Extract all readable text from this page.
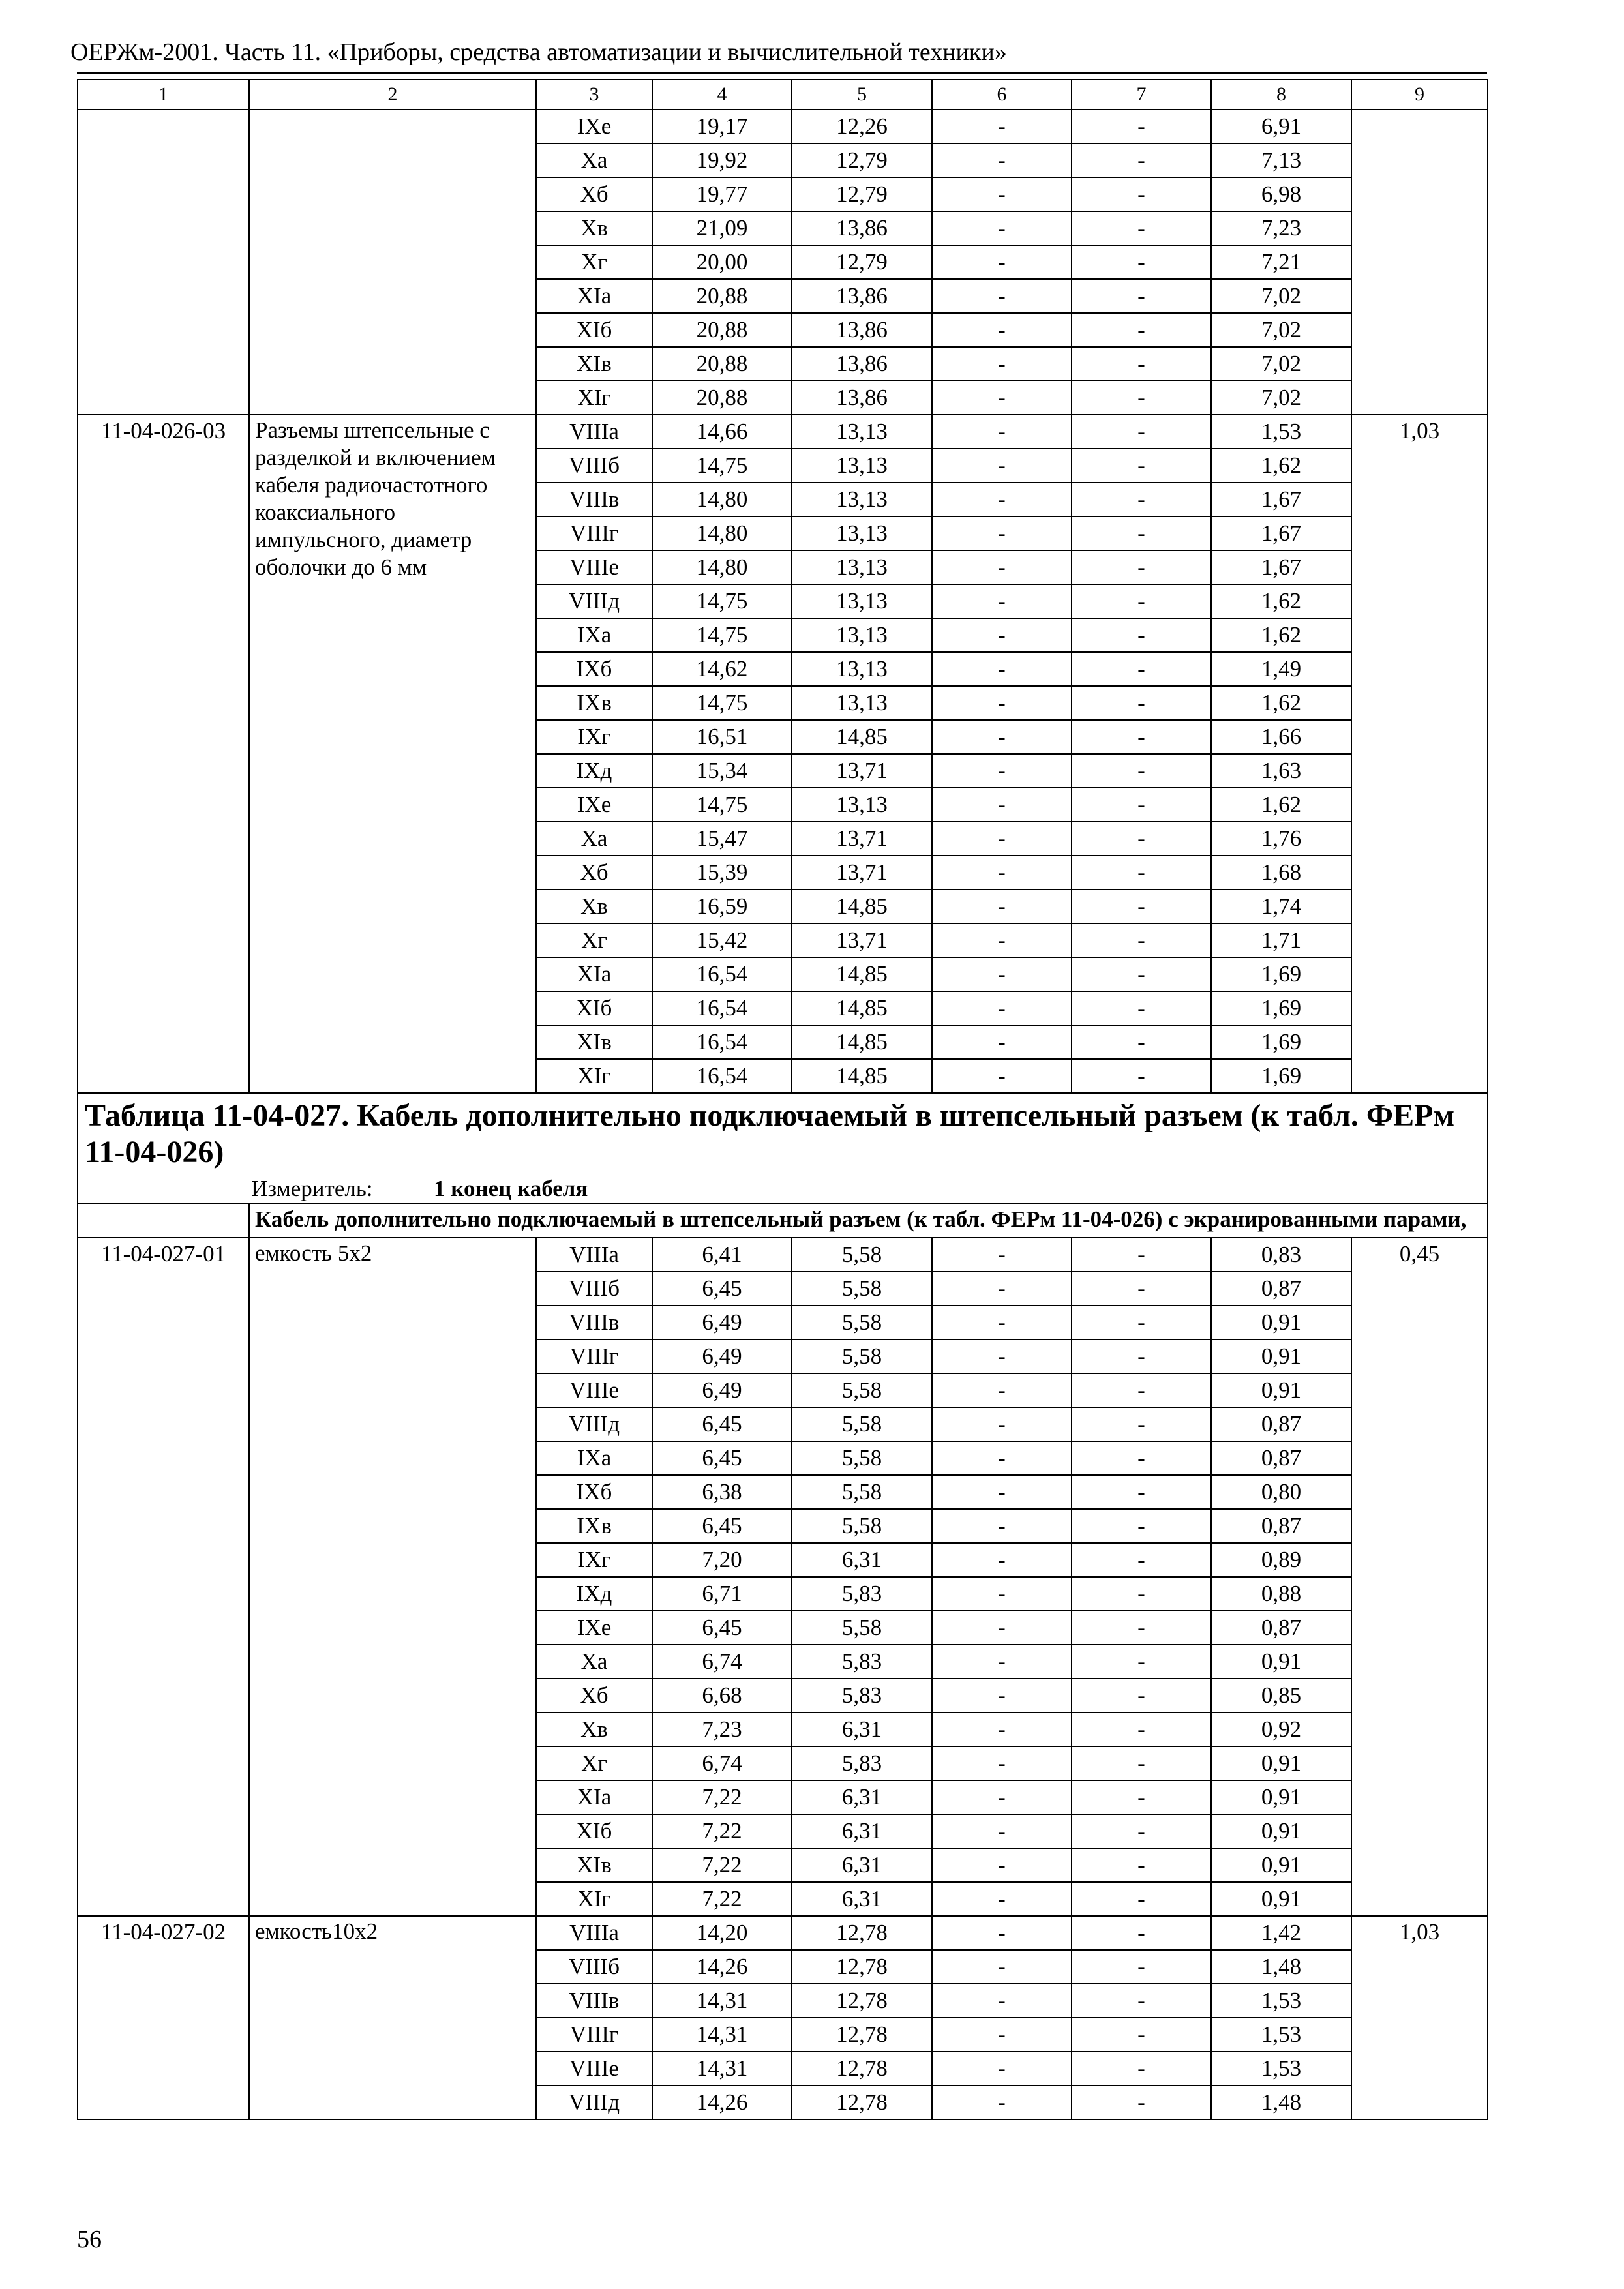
ОЕРЖм-2001. Часть 11. «Приборы, средства автоматизации и вычислительной техники»
1	2	3	4	5	6	7	8	9
		IXe	19,17	12,26	-	-	6,91	
		Xa	19,92	12,79	-	-	7,13	
		Xб	19,77	12,79	-	-	6,98	
		Xв	21,09	13,86	-	-	7,23	
		Xг	20,00	12,79	-	-	7,21	
		XIa	20,88	13,86	-	-	7,02	
		XIб	20,88	13,86	-	-	7,02	
		XIв	20,88	13,86	-	-	7,02	
		XIг	20,88	13,86	-	-	7,02	
11-04-026-03	Разъемы штепсельные с разделкой и включением кабеля радиочастотного коаксиального импульсного, диаметр оболочки до 6 мм	VIIIa	14,66	13,13	-	-	1,53	1,03
		VIIIб	14,75	13,13	-	-	1,62	
		VIIIв	14,80	13,13	-	-	1,67	
		VIIIг	14,80	13,13	-	-	1,67	
		VIIIe	14,80	13,13	-	-	1,67	
		VIIIд	14,75	13,13	-	-	1,62	
		IXa	14,75	13,13	-	-	1,62	
		IXб	14,62	13,13	-	-	1,49	
		IXв	14,75	13,13	-	-	1,62	
		IXг	16,51	14,85	-	-	1,66	
		IXд	15,34	13,71	-	-	1,63	
		IXe	14,75	13,13	-	-	1,62	
		Xa	15,47	13,71	-	-	1,76	
		Xб	15,39	13,71	-	-	1,68	
		Xв	16,59	14,85	-	-	1,74	
		Xг	15,42	13,71	-	-	1,71	
		XIa	16,54	14,85	-	-	1,69	
		XIб	16,54	14,85	-	-	1,69	
		XIв	16,54	14,85	-	-	1,69	
		XIг	16,54	14,85	-	-	1,69	

Таблица 11-04-027. Кабель дополнительно подключаемый в штепсельный разъем (к табл. ФЕРм 11-04-026)
Измеритель: 1 конец кабеля								

	Кабель дополнительно подключаемый в штепсельный разъем (к табл. ФЕРм 11-04-026) с экранированными парами,							
11-04-027-01	емкость 5х2	VIIIa	6,41	5,58	-	-	0,83	0,45
		VIIIб	6,45	5,58	-	-	0,87	
		VIIIв	6,49	5,58	-	-	0,91	
		VIIIг	6,49	5,58	-	-	0,91	
		VIIIe	6,49	5,58	-	-	0,91	
		VIIIд	6,45	5,58	-	-	0,87	
		IXa	6,45	5,58	-	-	0,87	
		IXб	6,38	5,58	-	-	0,80	
		IXв	6,45	5,58	-	-	0,87	
		IXг	7,20	6,31	-	-	0,89	
		IXд	6,71	5,83	-	-	0,88	
		IXe	6,45	5,58	-	-	0,87	
		Xa	6,74	5,83	-	-	0,91	
		Xб	6,68	5,83	-	-	0,85	
		Xв	7,23	6,31	-	-	0,92	
		Xг	6,74	5,83	-	-	0,91	
		XIa	7,22	6,31	-	-	0,91	
		XIб	7,22	6,31	-	-	0,91	
		XIв	7,22	6,31	-	-	0,91	
		XIг	7,22	6,31	-	-	0,91	
11-04-027-02	емкость10х2	VIIIa	14,20	12,78	-	-	1,42	1,03
		VIIIб	14,26	12,78	-	-	1,48	
		VIIIв	14,31	12,78	-	-	1,53	
		VIIIг	14,31	12,78	-	-	1,53	
		VIIIe	14,31	12,78	-	-	1,53	
		VIIIд	14,26	12,78	-	-	1,48	
56
